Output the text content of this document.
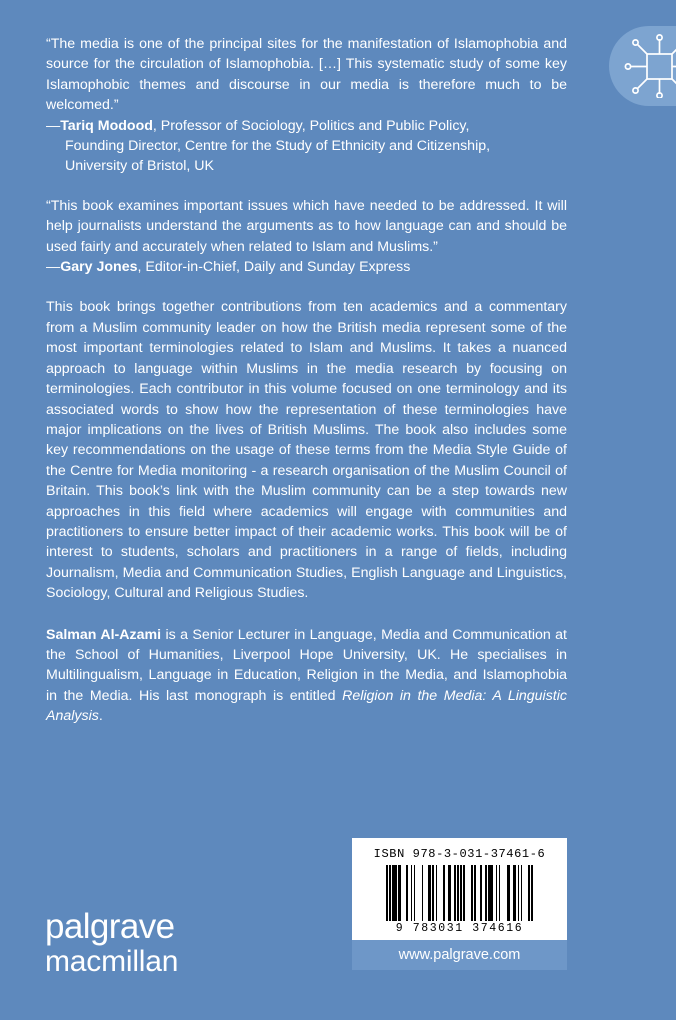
“The media is one of the principal sites for the manifestation of Islamophobia and source for the circulation of Islamophobia. […] This systematic study of some key Islamophobic themes and discourse in our media is therefore much to be welcomed.”
—Tariq Modood, Professor of Sociology, Politics and Public Policy,
Founding Director, Centre for the Study of Ethnicity and Citizenship,
University of Bristol, UK
“This book examines important issues which have needed to be addressed. It will help journalists understand the arguments as to how language can and should be used fairly and accurately when related to Islam and Muslims.”
—Gary Jones, Editor-in-Chief, Daily and Sunday Express
This book brings together contributions from ten academics and a commentary from a Muslim community leader on how the British media represent some of the most important terminologies related to Islam and Muslims. It takes a nuanced approach to language within Muslims in the media research by focusing on terminologies. Each contributor in this volume focused on one terminology and its associated words to show how the representation of these terminologies have major implications on the lives of British Muslims. The book also includes some key recommendations on the usage of these terms from the Media Style Guide of the Centre for Media monitoring - a research organisation of the Muslim Council of Britain. This book’s link with the Muslim community can be a step towards new approaches in this field where academics will engage with communities and practitioners to ensure better impact of their academic works. This book will be of interest to students, scholars and practitioners in a range of fields, including Journalism, Media and Communication Studies, English Language and Linguistics, Sociology, Cultural and Religious Studies.
Salman Al-Azami is a Senior Lecturer in Language, Media and Communication at the School of Humanities, Liverpool Hope University, UK. He specialises in Multilingualism, Language in Education, Religion in the Media, and Islamophobia in the Media. His last monograph is entitled Religion in the Media: A Linguistic Analysis.
palgrave
macmillan
ISBN 978-3-031-37461-6
9 783031 374616
www.palgrave.com
